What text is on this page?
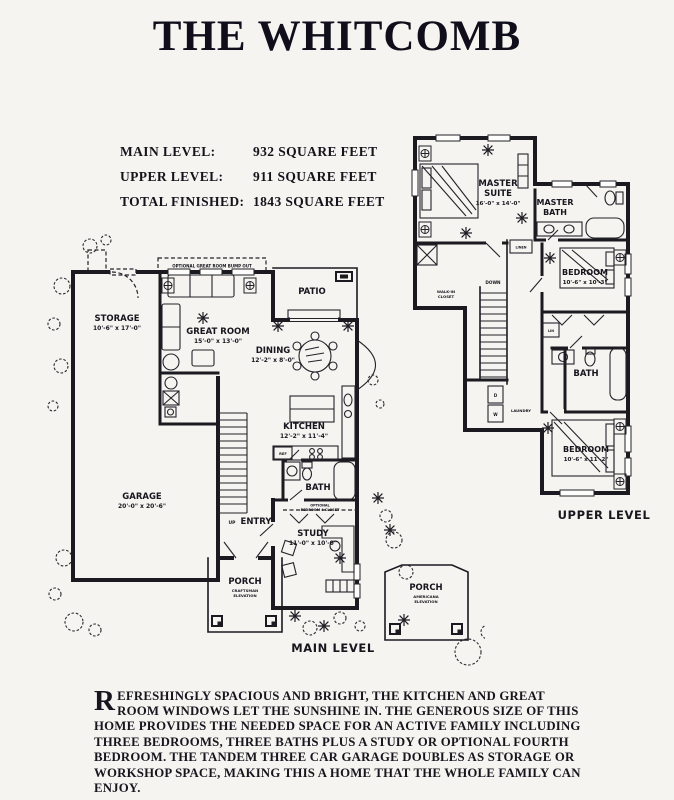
THE WHITCOMB
MAIN LEVEL:	932 SQUARE FEET
UPPER LEVEL: 911 SQUARE FEET
TOTAL FINISHED: 1843 SQUARE FEET
OPTIONAL GREAT ROOM BUMP OUT
UP
REF
PORCH
CRAFTSMAN
ELEVATION
PORCH
AMERICANA
ELEVATION
STORAGE
10'-6" x 17'-0"	GREAT ROOM
15'-0" x 13'-0"
PATIO
DINING
12'-2" x 8'-0"
KITCHEN
12'-2" x 11'-4"
GARAGE
20'-0" x 20'-6"
BATH
ENTRY
STUDY
11'-0" x 10'-0"
OPTIONAL
BEDROOM 4 CLOSET
MAIN LEVEL
DOWN
LINEN
LIN
D
W
MASTER
SUITE
16'-0" x 14'-0" MASTER
BATH
WALK-IN
CLOSET
BEDROOM
10'-6" x 10'-3"
BATH
LAUNDRY
BEDROOM
10'-6" x 11'-2"
UPPER LEVEL

REFRESHINGLY SPACIOUS AND BRIGHT, THE KITCHEN AND GREAT ROOM WINDOWS LET THE SUNSHINE IN. THE GENEROUS SIZE OF THIS HOME PROVIDES THE NEEDED SPACE FOR AN ACTIVE FAMILY INCLUDING THREE BEDROOMS, THREE BATHS PLUS A STUDY OR OPTIONAL FOURTH BEDROOM. THE TANDEM THREE CAR GARAGE DOUBLES AS STORAGE OR WORKSHOP SPACE, MAKING THIS A HOME THAT THE WHOLE FAMILY CAN ENJOY.
